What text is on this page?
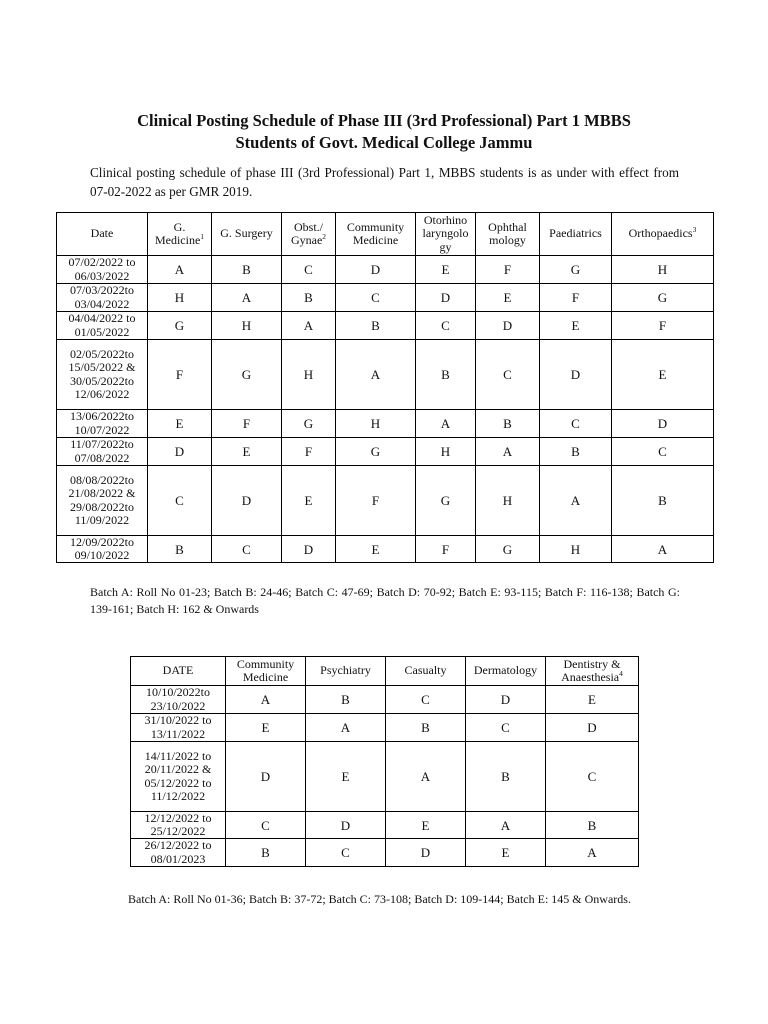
Clinical Posting Schedule of Phase III (3rd Professional) Part 1 MBBS
Students of Govt. Medical College Jammu
Clinical posting schedule of phase III (3rd Professional) Part 1, MBBS students is as under with effect from 07-02-2022 as per GMR 2019.
Date	G. Medicine$^1$	G. Surgery	Obst./ Gynae$^2$	Community Medicine	Otorhino laryngolo gy	Ophthal mology	Paediatrics	Orthopaedics$^3$
07/02/2022 to 06/03/2022	A	B	C	D	E	F	G	H
07/03/2022to 03/04/2022	H	A	B	C	D	E	F	G
04/04/2022 to 01/05/2022	G	H	A	B	C	D	E	F
02/05/2022to 15/05/2022 & 30/05/2022to 12/06/2022	F	G	H	A	B	C	D	E
13/06/2022to 10/07/2022	E	F	G	H	A	B	C	D
11/07/2022to 07/08/2022	D	E	F	G	H	A	B	C
08/08/2022to 21/08/2022 & 29/08/2022to 11/09/2022	C	D	E	F	G	H	A	B
12/09/2022to 09/10/2022	B	C	D	E	F	G	H	A
Batch A: Roll No 01-23; Batch B: 24-46; Batch C: 47-69; Batch D: 70-92; Batch E: 93-115; Batch F: 116-138; Batch G: 139-161; Batch H: 162 & Onwards
DATE	Community Medicine	Psychiatry	Casualty	Dermatology	Dentistry & Anaesthesia$^4$
10/10/2022to 23/10/2022	A	B	C	D	E
31/10/2022 to 13/11/2022	E	A	B	C	D
14/11/2022 to 20/11/2022 & 05/12/2022 to 11/12/2022	D	E	A	B	C
12/12/2022 to 25/12/2022	C	D	E	A	B
26/12/2022 to 08/01/2023	B	C	D	E	A
Batch A: Roll No 01-36; Batch B: 37-72; Batch C: 73-108; Batch D: 109-144; Batch E: 145 & Onwards.
